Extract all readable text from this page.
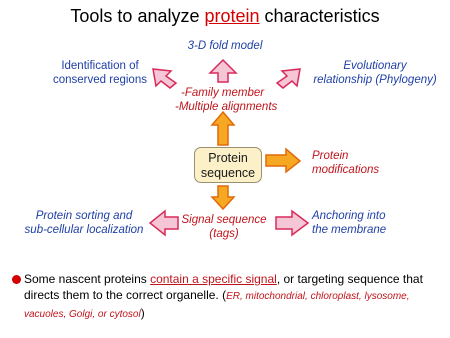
Tools to analyze protein characteristics
3-D fold model
Identification of
conserved regions
Evolutionary
relationship (Phylogeny)
-Family member
-Multiple alignments
Protein
sequence
Protein
modifications
Protein sorting and
sub-cellular localization
Signal sequence
(tags)
Anchoring into
the membrane
Some nascent proteins contain a specific signal, or targeting sequence that directs them to the correct organelle. (ER, mitochondrial, chloroplast, lysosome, vacuoles, Golgi, or cytosol)
